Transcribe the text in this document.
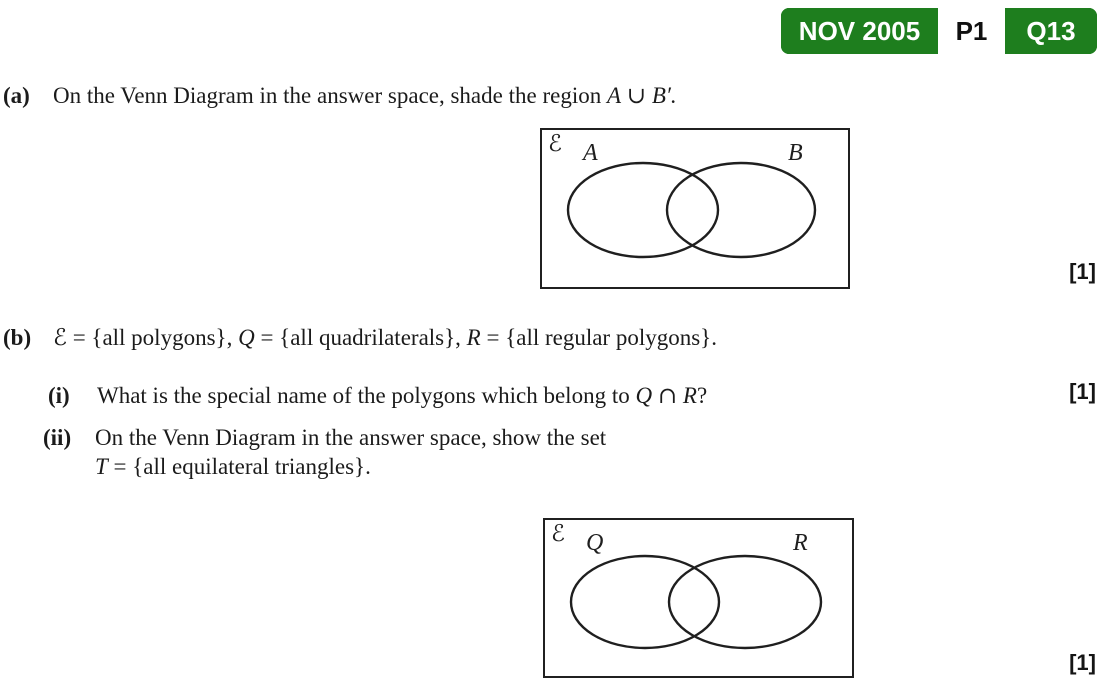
NOV 2005	P1	Q13
(a)	On the Venn Diagram in the answer space, shade the region A ∪ B′.
ℰ A	B
[1]
(b) ℰ = {all polygons}, Q = {all quadrilaterals}, R = {all regular polygons}.
(i)	What is the special name of the polygons which belong to Q ∩ R?	[1]
(ii)	On the Venn Diagram in the answer space, show the set
T = {all equilateral triangles}.
ℰ Q	R
[1]
